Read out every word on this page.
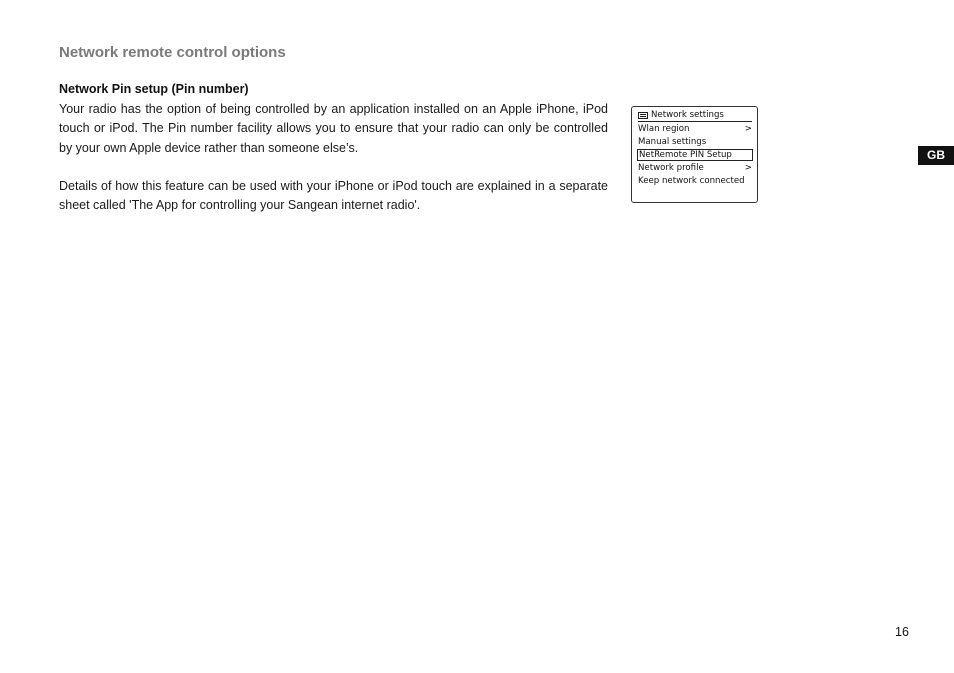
Network remote control options
Network Pin setup (Pin number)

Your radio has the option of being controlled by an application installed on an Apple iPhone, iPod touch or iPod. The Pin number facility allows you to ensure that your radio can only be controlled by your own Apple device rather than someone else’s.

Details of how this feature can be used with your iPhone or iPod touch are explained in a separate sheet called 'The App for controlling your Sangean internet radio'.

Network settings
Wlan region	>
Manual settings
NetRemote PIN Setup
Network profile	>
Keep network connected
GB
16
